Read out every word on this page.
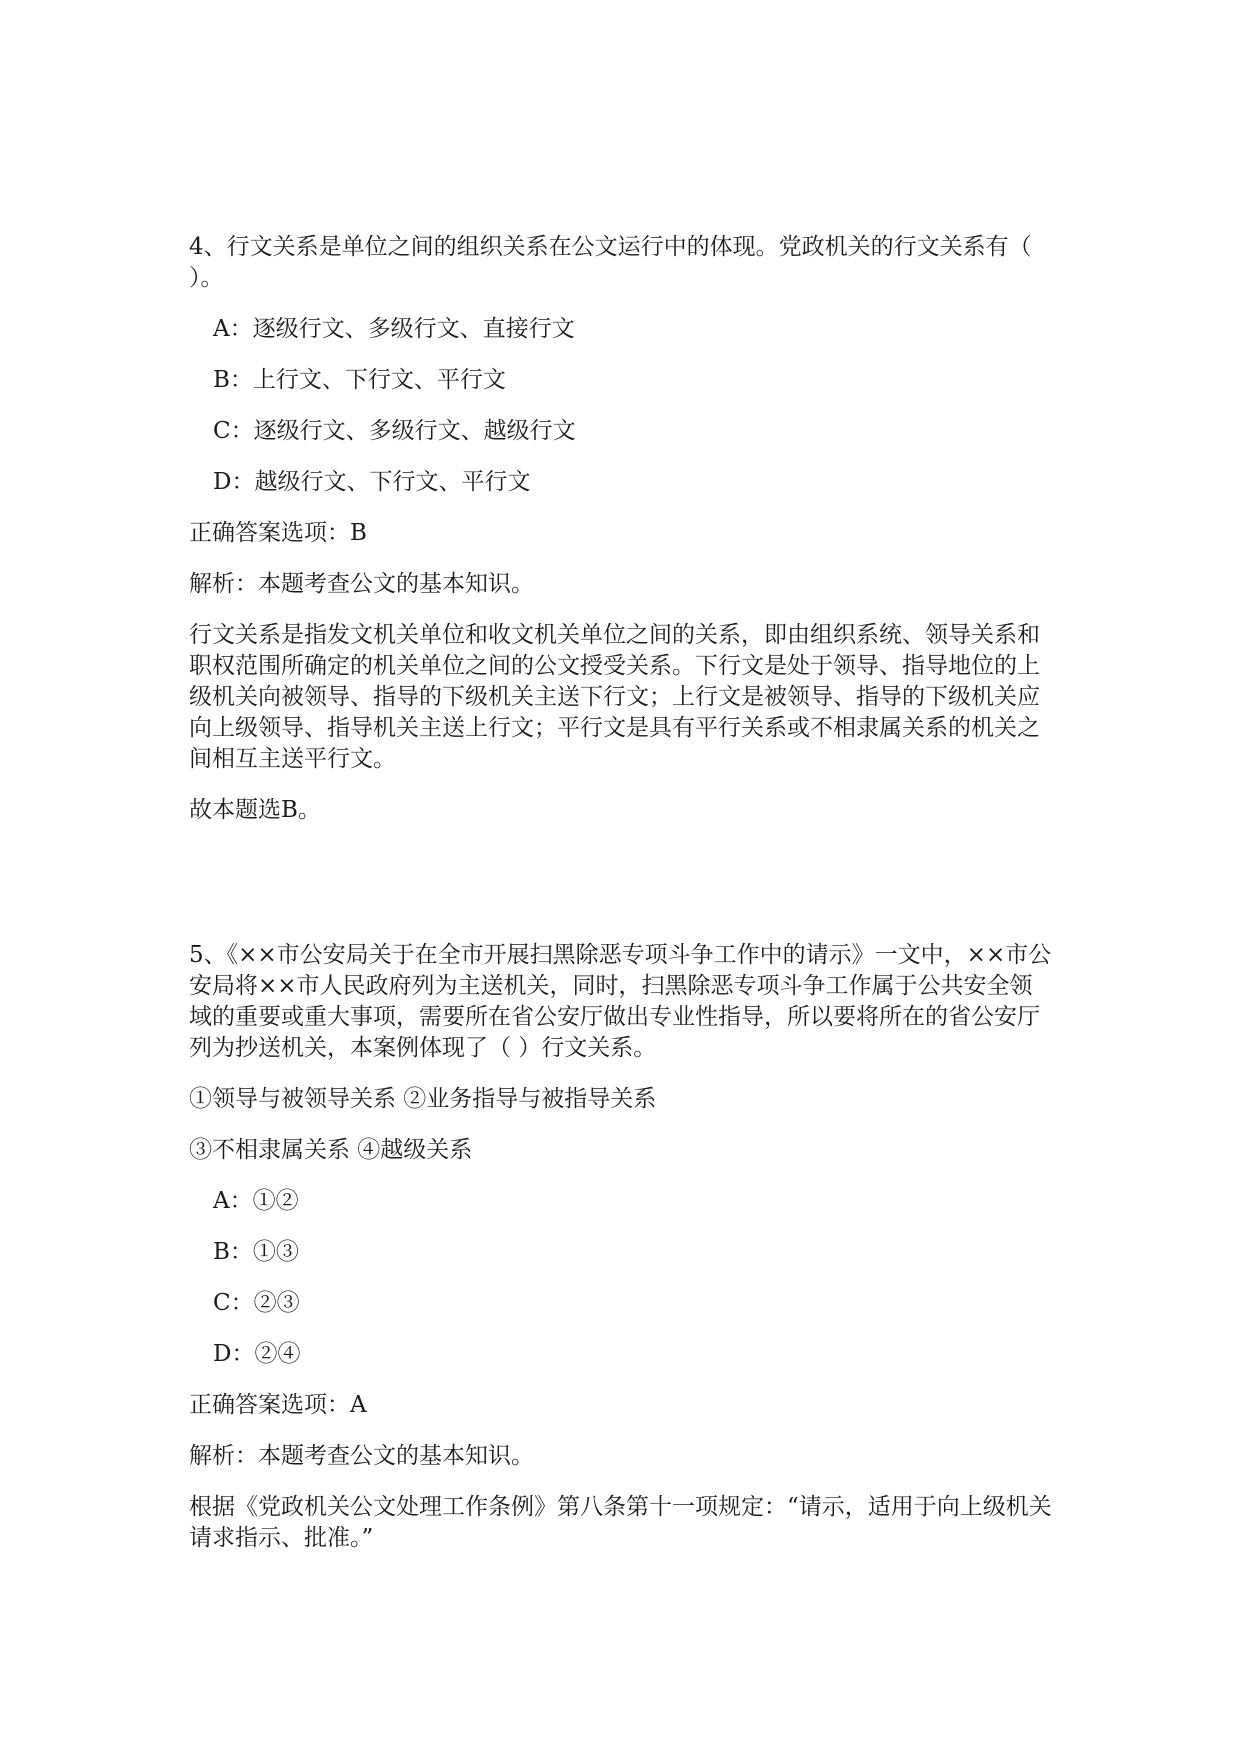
4、行文关系是单位之间的组织关系在公文运行中的体现。党政机关的行文关系有（ ）。

A：逐级行文、多级行文、直接行文

B：上行文、下行文、平行文

C：逐级行文、多级行文、越级行文

D：越级行文、下行文、平行文

正确答案选项：B

解析：本题考查公文的基本知识。

行文关系是指发文机关单位和收文机关单位之间的关系，即由组织系统、领导关系和职权范围所确定的机关单位之间的公文授受关系。下行文是处于领导、指导地位的上级机关向被领导、指导的下级机关主送下行文；上行文是被领导、指导的下级机关应向上级领导、指导机关主送上行文；平行文是具有平行关系或不相隶属关系的机关之间相互主送平行文。

故本题选B。

5、《××市公安局关于在全市开展扫黑除恶专项斗争工作中的请示》一文中，××市公安局将××市人民政府列为主送机关，同时，扫黑除恶专项斗争工作属于公共安全领域的重要或重大事项，需要所在省公安厅做出专业性指导，所以要将所在的省公安厅列为抄送机关，本案例体现了（ ）行文关系。

①领导与被领导关系 ②业务指导与被指导关系

③不相隶属关系 ④越级关系

A：①②

B：①③

C：②③

D：②④

正确答案选项：A

解析：本题考查公文的基本知识。

根据《党政机关公文处理工作条例》第八条第十一项规定：“请示，适用于向上级机关请求指示、批准。”
